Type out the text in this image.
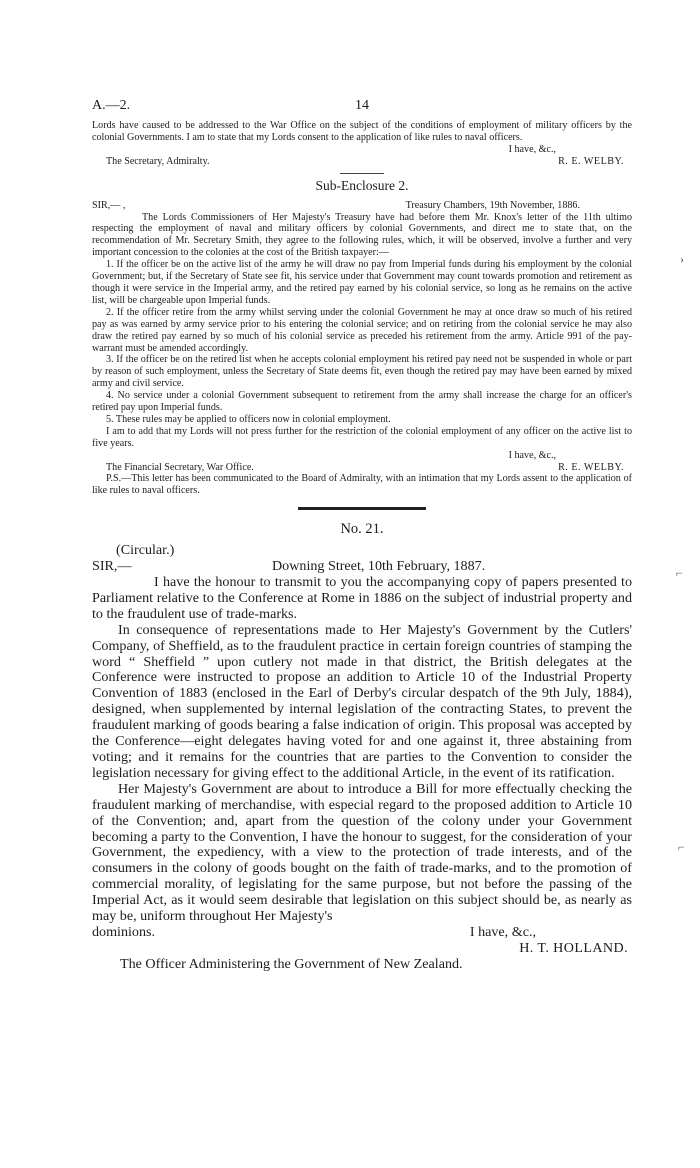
A.—2.	14

Lords have caused to be addressed to the War Office on the subject of the conditions of employment of military officers by the colonial Governments. I am to state that my Lords consent to the application of like rules to naval officers.

I have, &c.,

The Secretary, Admiralty.	R. E. WELBY.
Sub-Enclosure 2.
SIR,— ,	Treasury Chambers, 19th November, 1886.

The Lords Commissioners of Her Majesty's Treasury have had before them Mr. Knox's letter of the 11th ultimo respecting the employment of naval and military officers by colonial Governments, and direct me to state that, on the recommendation of Mr. Secretary Smith, they agree to the following rules, which, it will be observed, involve a further and very important concession to the colonies at the cost of the British taxpayer:—

1. If the officer be on the active list of the army he will draw no pay from Imperial funds during his employment by the colonial Government; but, if the Secretary of State see fit, his service under that Government may count towards promotion and retirement as though it were service in the Imperial army, and the retired pay earned by his colonial service, so long as he remains on the active list, will be chargeable upon Imperial funds.

2. If the officer retire from the army whilst serving under the colonial Government he may at once draw so much of his retired pay as was earned by army service prior to his entering the colonial service; and on retiring from the colonial service he may also draw the retired pay earned by so much of his colonial service as preceded his retirement from the army. Article 991 of the pay-warrant must be amended accordingly.

3. If the officer be on the retired list when he accepts colonial employment his retired pay need not be suspended in whole or part by reason of such employment, unless the Secretary of State deems fit, even though the retired pay may have been earned by mixed army and civil service.

4. No service under a colonial Government subsequent to retirement from the army shall increase the charge for an officer's retired pay upon Imperial funds.

5. These rules may be applied to officers now in colonial employment.

I am to add that my Lords will not press further for the restriction of the colonial employment of any officer on the active list to five years.

I have, &c.,

The Financial Secretary, War Office.	R. E. WELBY.

P.S.—This letter has been communicated to the Board of Admiralty, with an intimation that my Lords assent to the application of like rules to naval officers.

No. 21.
(Circular.)
SIR,—	Downing Street, 10th February, 1887.

I have the honour to transmit to you the accompanying copy of papers presented to Parliament relative to the Conference at Rome in 1886 on the subject of industrial property and to the fraudulent use of trade-marks.

In consequence of representations made to Her Majesty's Government by the Cutlers' Company, of Sheffield, as to the fraudulent practice in certain foreign countries of stamping the word “ Sheffield ” upon cutlery not made in that district, the British delegates at the Conference were instructed to propose an addition to Article 10 of the Industrial Property Convention of 1883 (enclosed in the Earl of Derby's circular despatch of the 9th July, 1884), designed, when supplemented by internal legislation of the contracting States, to prevent the fraudulent marking of goods bearing a false indication of origin. This proposal was accepted by the Conference—eight delegates having voted for and one against it, three abstaining from voting; and it remains for the countries that are parties to the Convention to consider the legislation necessary for giving effect to the additional Article, in the event of its ratification.

Her Majesty's Government are about to introduce a Bill for more effectually checking the fraudulent marking of merchandise, with especial regard to the proposed addition to Article 10 of the Convention; and, apart from the question of the colony under your Government becoming a party to the Convention, I have the honour to suggest, for the consideration of your Government, the expediency, with a view to the protection of trade interests, and of the consumers in the colony of goods bought on the faith of trade-marks, and to the promotion of commercial morality, of legislating for the same purpose, but not before the passing of the Imperial Act, as it would seem desirable that legislation on this subject should be, as nearly as may be, uniform throughout Her Majesty's

dominions.	I have, &c.,
H. T. HOLLAND.
The Officer Administering the Government of New Zealand.
›
⌐
⌐
